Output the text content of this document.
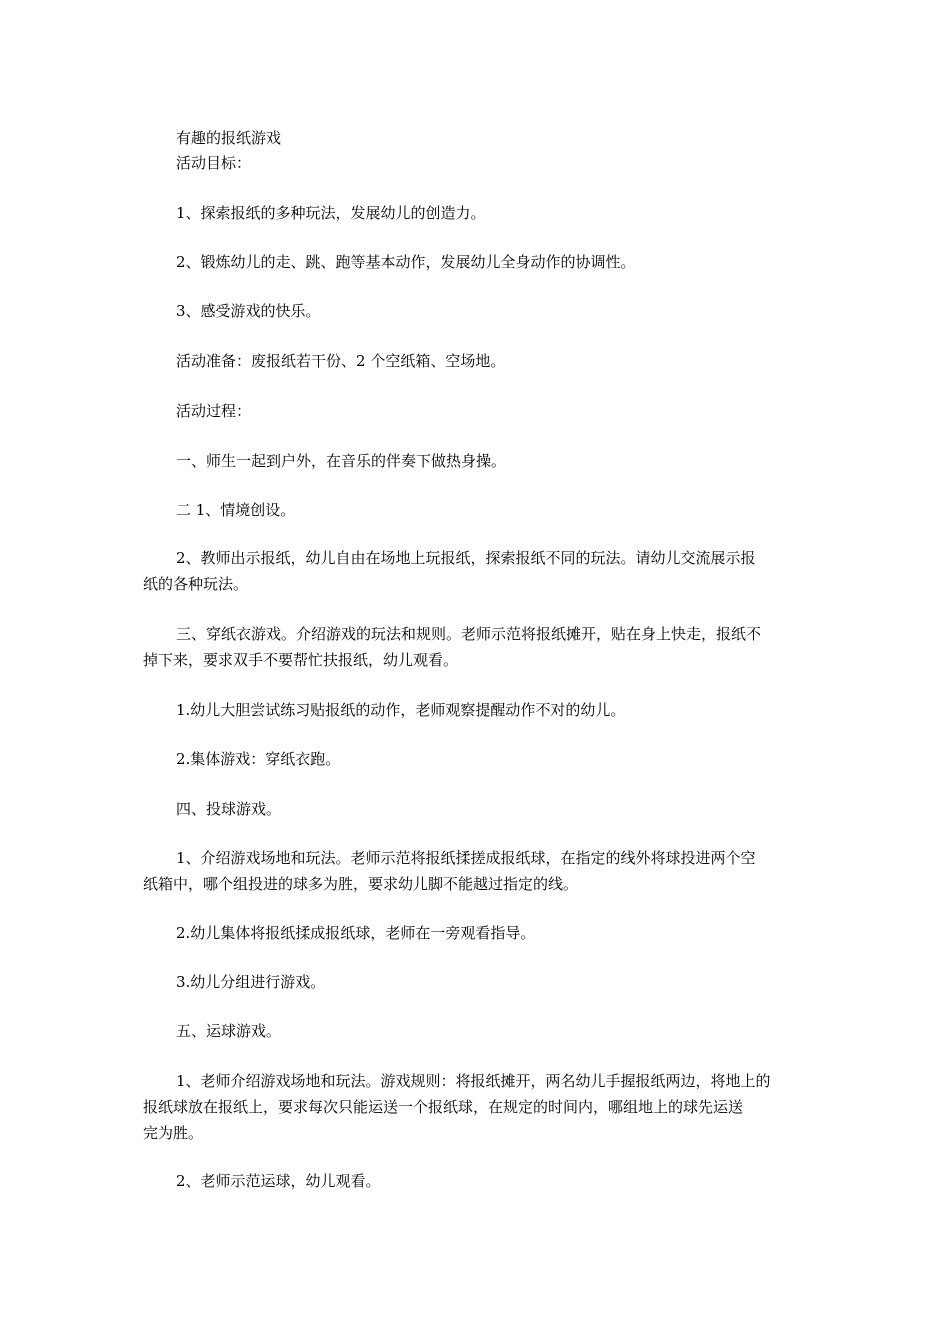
有趣的报纸游戏
活动目标：
1、探索报纸的多种玩法，发展幼儿的创造力。
2、锻炼幼儿的走、跳、跑等基本动作，发展幼儿全身动作的协调性。
3、感受游戏的快乐。
活动准备：废报纸若干份、2 个空纸箱、空场地。
活动过程：
一、师生一起到户外，在音乐的伴奏下做热身操。
二 1、情境创设。
2、教师出示报纸，幼儿自由在场地上玩报纸，探索报纸不同的玩法。请幼儿交流展示报
纸的各种玩法。
三、穿纸衣游戏。介绍游戏的玩法和规则。老师示范将报纸摊开，贴在身上快走，报纸不
掉下来，要求双手不要帮忙扶报纸，幼儿观看。
1.幼儿大胆尝试练习贴报纸的动作，老师观察提醒动作不对的幼儿。
2.集体游戏：穿纸衣跑。
四、投球游戏。
1、介绍游戏场地和玩法。老师示范将报纸揉搓成报纸球，在指定的线外将球投进两个空
纸箱中，哪个组投进的球多为胜，要求幼儿脚不能越过指定的线。
2.幼儿集体将报纸揉成报纸球，老师在一旁观看指导。
3.幼儿分组进行游戏。
五、运球游戏。
1、老师介绍游戏场地和玩法。游戏规则：将报纸摊开，两名幼儿手握报纸两边，将地上的
报纸球放在报纸上，要求每次只能运送一个报纸球，在规定的时间内，哪组地上的球先运送
完为胜。
2、老师示范运球，幼儿观看。
